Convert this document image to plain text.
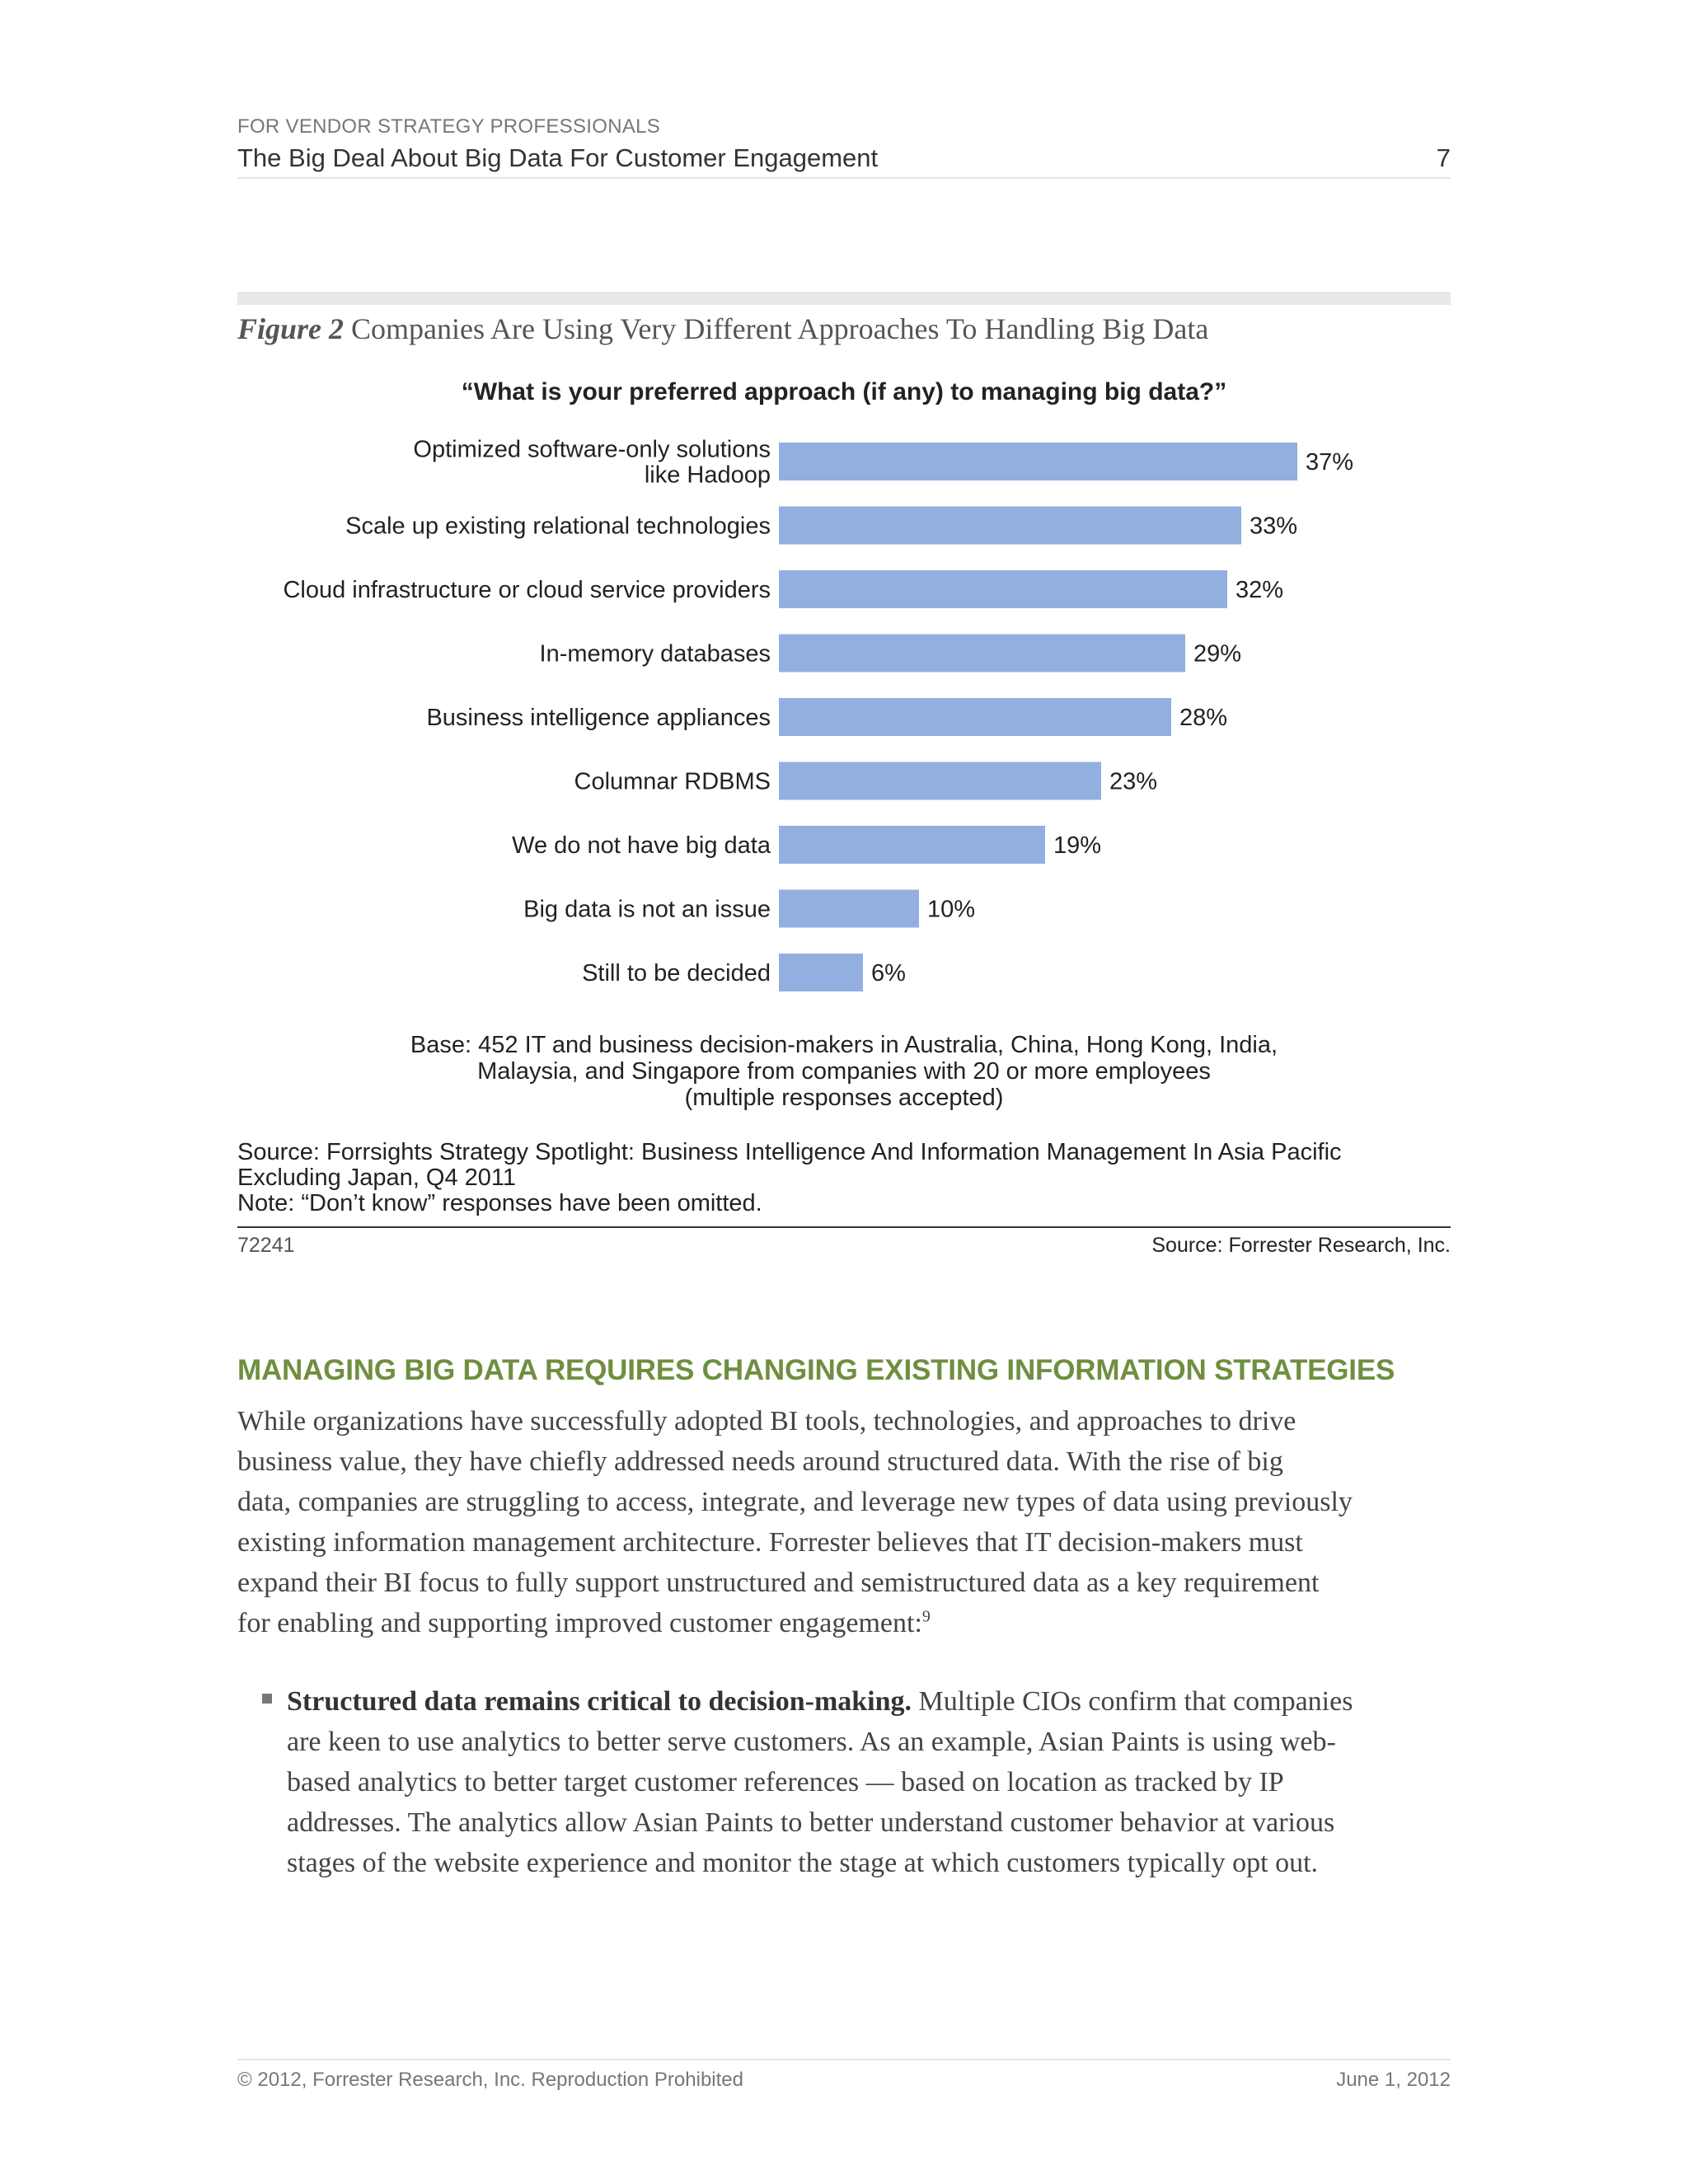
FOR VENDOR STRATEGY PROFESSIONALS
The Big Deal About Big Data For Customer Engagement	7
Figure 2 Companies Are Using Very Different Approaches To Handling Big Data
“What is your preferred approach (if any) to managing big data?”
37%
Optimized software-only solutions
like Hadoop
33%
Scale up existing relational technologies
32%
Cloud infrastructure or cloud service providers
29%
In-memory databases
28%
Business intelligence appliances
23%
Columnar RDBMS
19%
We do not have big data
10%
Big data is not an issue
6%
Still to be decided
Base: 452 IT and business decision-makers in Australia, China, Hong Kong, India,
Malaysia, and Singapore from companies with 20 or more employees
(multiple responses accepted)
Source: Forrsights Strategy Spotlight: Business Intelligence And Information Management In Asia Pacific
Excluding Japan, Q4 2011
Note: “Don’t know” responses have been omitted.
72241	Source: Forrester Research, Inc.
MANAGING BIG DATA REQUIRES CHANGING EXISTING INFORMATION STRATEGIES
While organizations have successfully adopted BI tools, technologies, and approaches to drive
business value, they have chiefly addressed needs around structured data. With the rise of big
data, companies are struggling to access, integrate, and leverage new types of data using previously
existing information management architecture. Forrester believes that IT decision-makers must
expand their BI focus to fully support unstructured and semistructured data as a key requirement
for enabling and supporting improved customer engagement:$^9$
Structured data remains critical to decision-making. Multiple CIOs confirm that companies
are keen to use analytics to better serve customers. As an example, Asian Paints is using web-
based analytics to better target customer references — based on location as tracked by IP
addresses. The analytics allow Asian Paints to better understand customer behavior at various
stages of the website experience and monitor the stage at which customers typically opt out.
© 2012, Forrester Research, Inc. Reproduction Prohibited	June 1, 2012
